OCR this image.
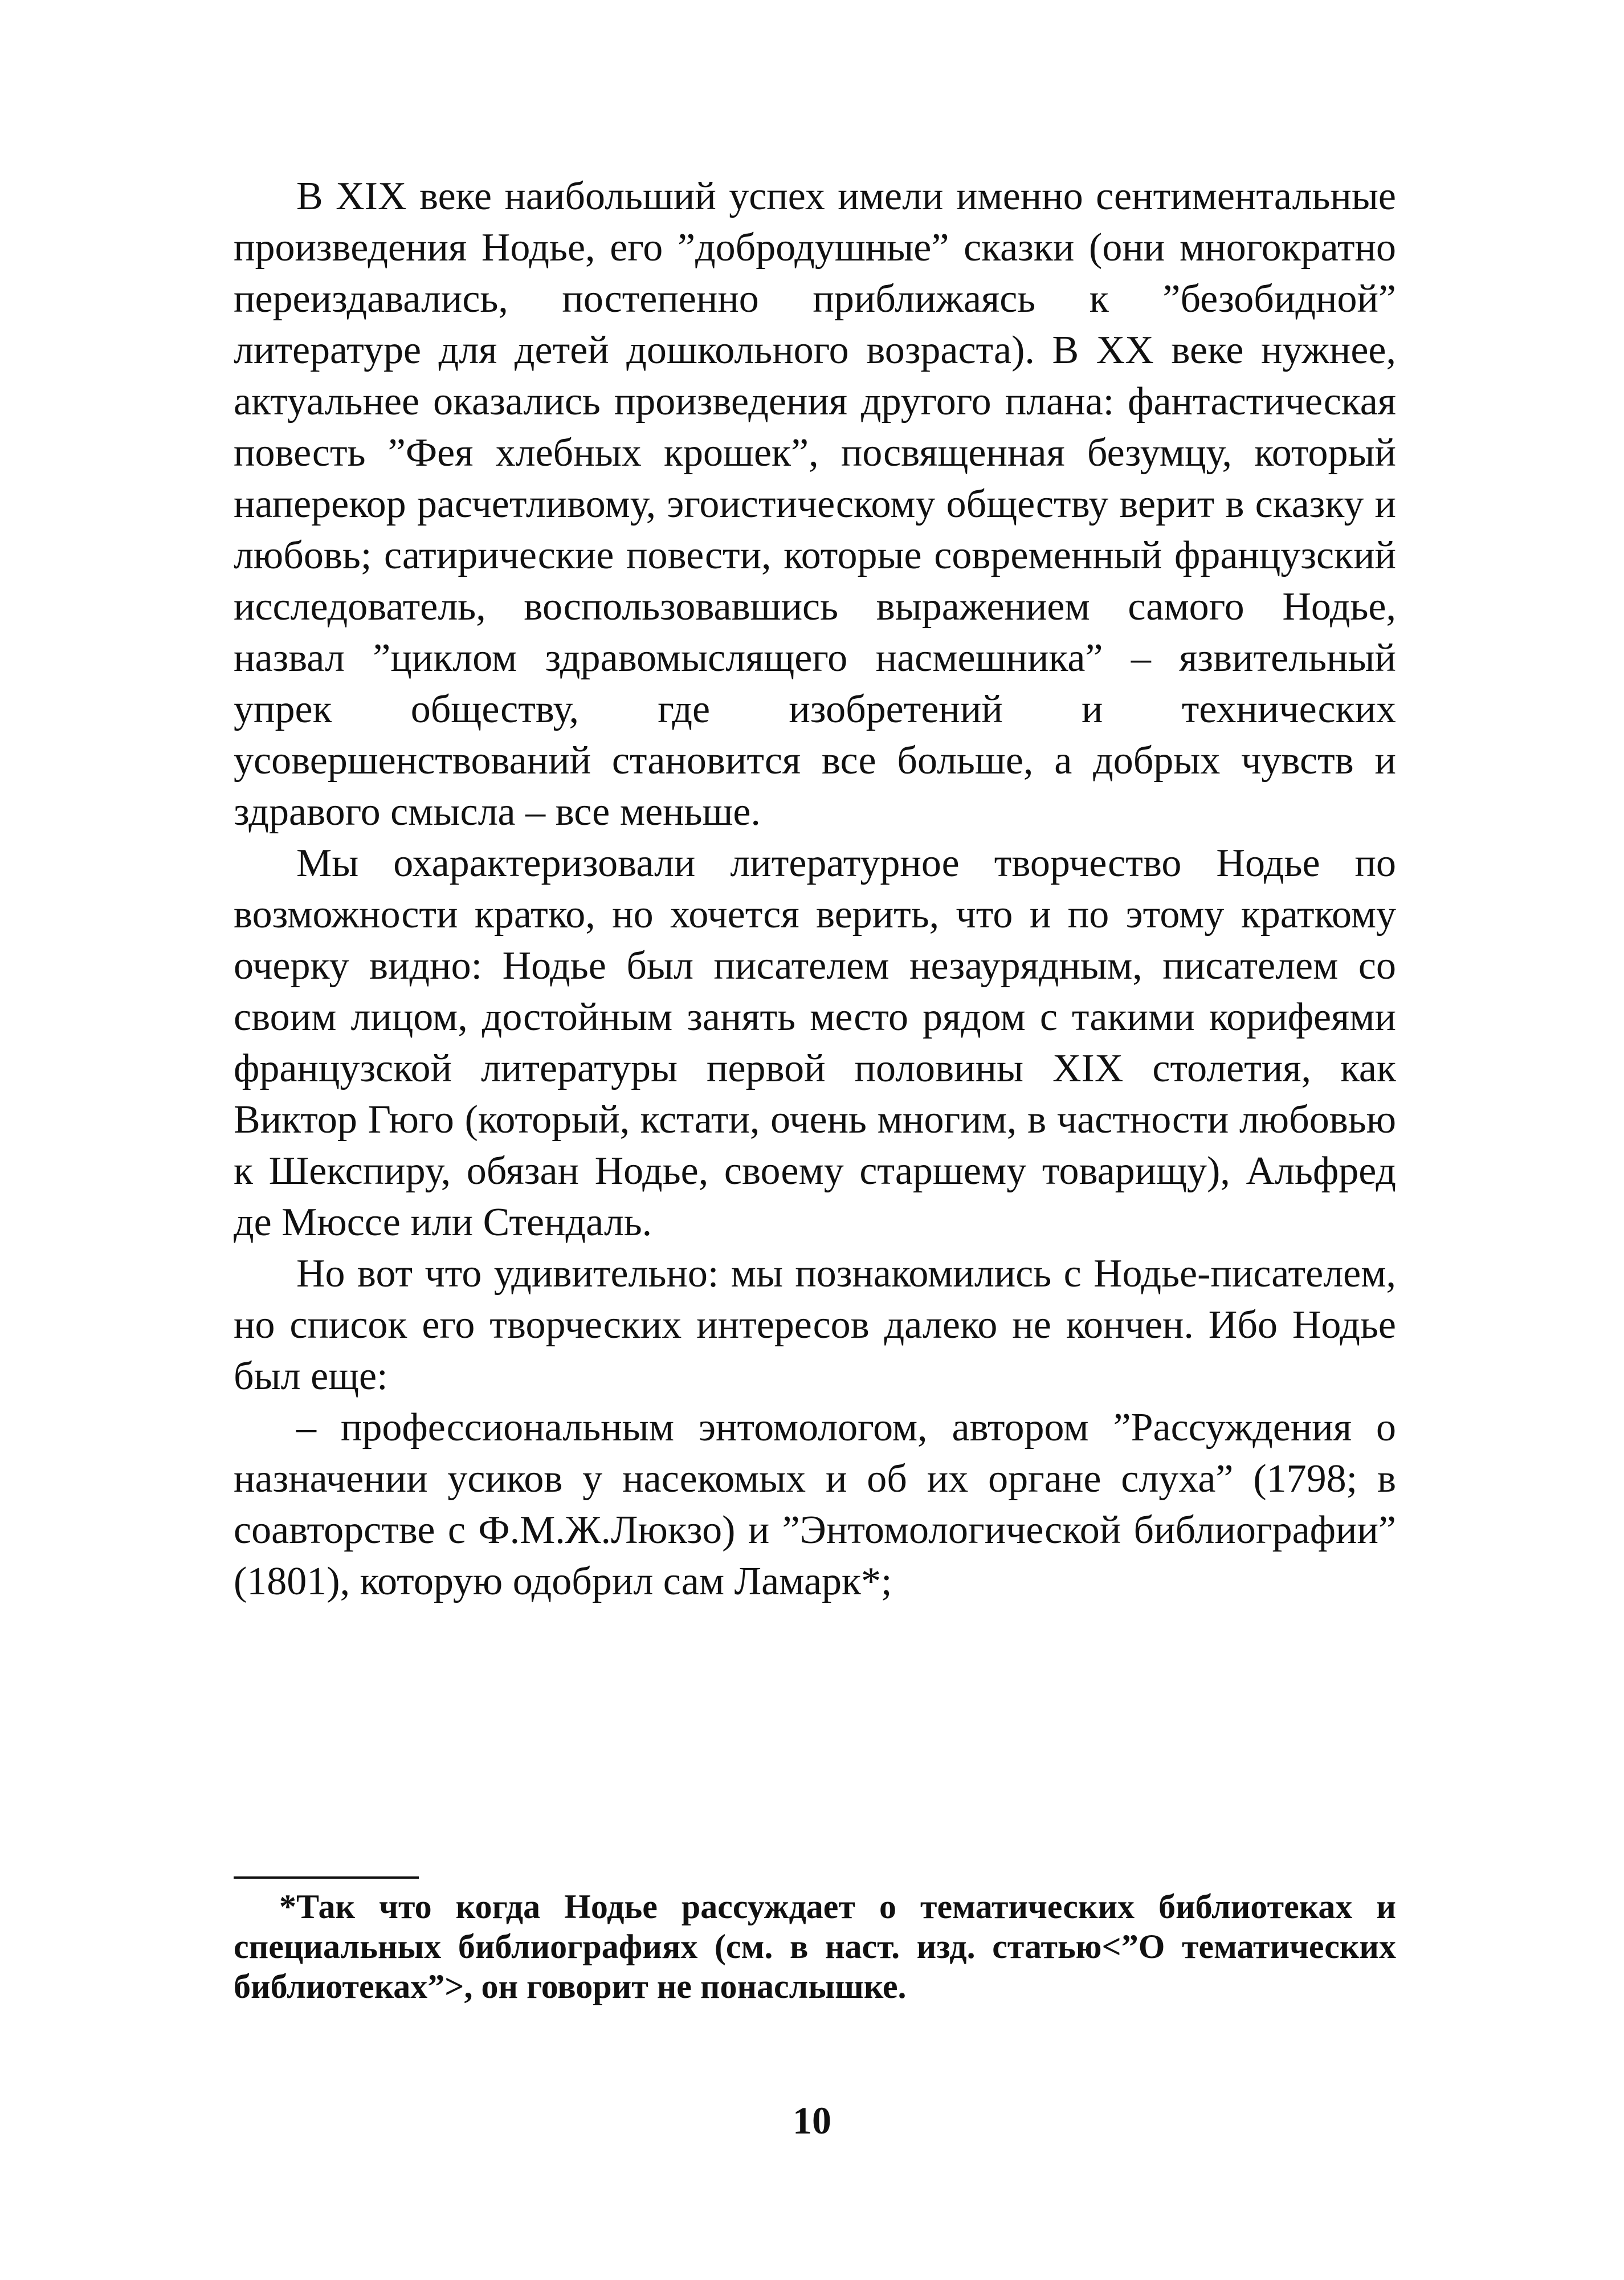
В XIX веке наибольший успех имели именно сентиментальные произведения Нодье, его ”добродушные” сказки (они многократно переиздавались, постепенно приближаясь к ”безобидной” литературе для детей дошкольного возраста). В XX веке нужнее, актуальнее оказались произведения другого плана: фантастическая повесть ”Фея хлебных крошек”, посвященная безумцу, который наперекор расчетливому, эгоистическому обществу верит в сказку и любовь; сатирические повести, которые современный французский исследователь, воспользовавшись выражением самого Нодье, назвал ”циклом здравомыслящего насмешника” – язвительный упрек обществу, где изобретений и технических усовершенствований становится все больше, а добрых чувств и здравого смысла – все меньше.

Мы охарактеризовали литературное творчество Нодье по возможности кратко, но хочется верить, что и по этому краткому очерку видно: Нодье был писателем незаурядным, писателем со своим лицом, достойным занять место рядом с такими корифеями французской литературы первой половины XIX столетия, как Виктор Гюго (который, кстати, очень многим, в частности любовью к Шекспиру, обязан Нодье, своему старшему товарищу), Альфред де Мюссе или Стендаль.

Но вот что удивительно: мы познакомились с Нодье-писателем, но список его творческих интересов далеко не кончен. Ибо Нодье был еще:

– профессиональным энтомологом, автором ”Рассуждения о назначении усиков у насекомых и об их органе слуха” (1798; в соавторстве с Ф.М.Ж.Люкзо) и ”Энтомологической библиографии” (1801), которую одобрил сам Ламарк*;

*Так что когда Нодье рассуждает о тематических библиотеках и специальных библиографиях (см. в наст. изд. статью<”О тематических библиотеках”>, он говорит не понаслышке.

10
